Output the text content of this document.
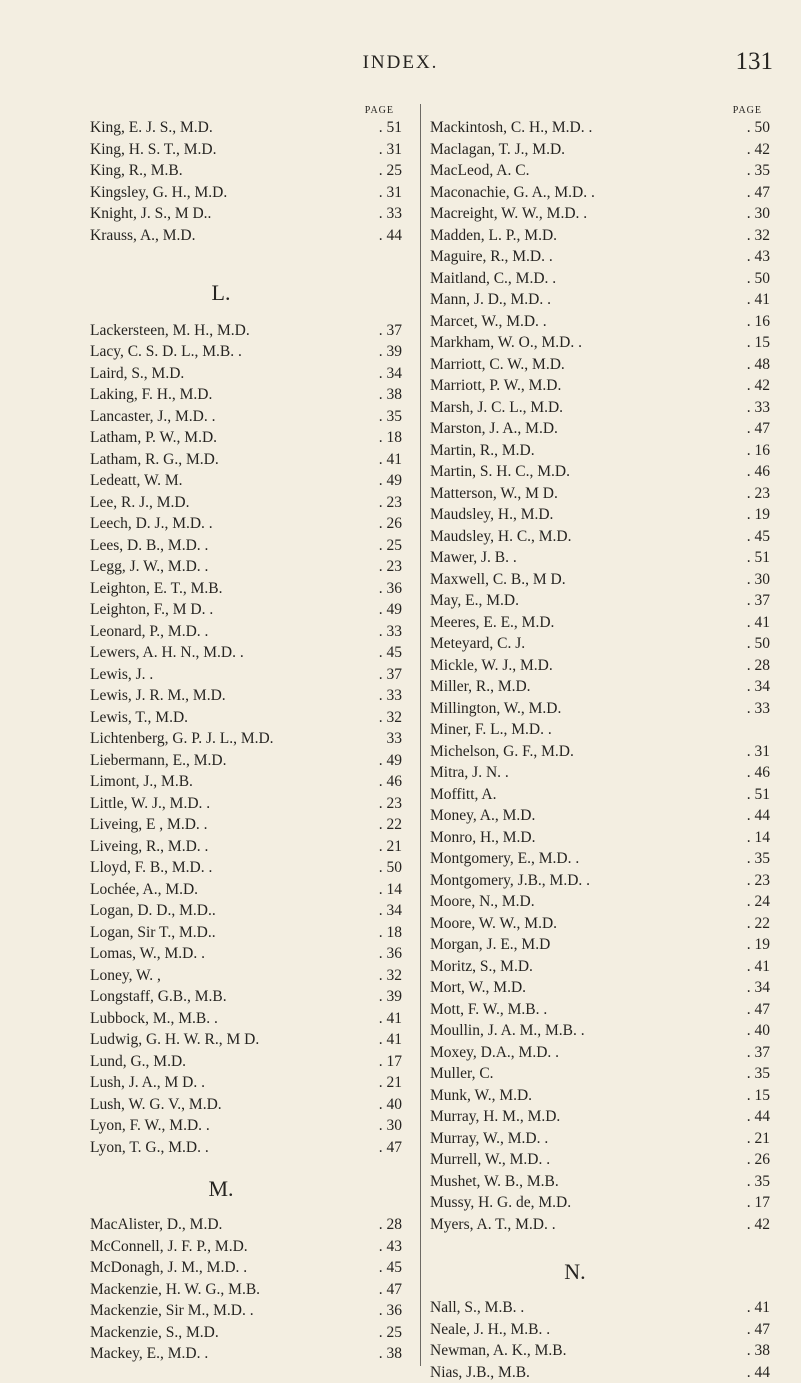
INDEX.	131
PAGE
King, E. J. S., M.D.	. 51
King, H. S. T., M.D.	. 31
King, R., M.B.	. 25
Kingsley, G. H., M.D.	. 31
Knight, J. S., M D..	. 33
Krauss, A., M.D.	. 44
L.
Lackersteen, M. H., M.D.	. 37
Lacy, C. S. D. L., M.B. .	. 39
Laird, S., M.D.	. 34
Laking, F. H., M.D.	. 38
Lancaster, J., M.D. .	. 35
Latham, P. W., M.D.	. 18
Latham, R. G., M.D.	. 41
Ledeatt, W. M.	. 49
Lee, R. J., M.D.	. 23
Leech, D. J., M.D. .	. 26
Lees, D. B., M.D. .	. 25
Legg, J. W., M.D. .	. 23
Leighton, E. T., M.B.	. 36
Leighton, F., M D. .	. 49
Leonard, P., M.D. .	. 33
Lewers, A. H. N., M.D. .	. 45
Lewis, J. .	. 37
Lewis, J. R. M., M.D.	. 33
Lewis, T., M.D.	. 32
Lichtenberg, G. P. J. L., M.D.	33
Liebermann, E., M.D.	. 49
Limont, J., M.B.	. 46
Little, W. J., M.D. .	. 23
Liveing, E , M.D. .	. 22
Liveing, R., M.D. .	. 21
Lloyd, F. B., M.D. .	. 50
Lochée, A., M.D.	. 14
Logan, D. D., M.D..	. 34
Logan, Sir T., M.D..	. 18
Lomas, W., M.D. .	. 36
Loney, W. ,	. 32
Longstaff, G.B., M.B.	. 39
Lubbock, M., M.B. .	. 41
Ludwig, G. H. W. R., M D.	. 41
Lund, G., M.D.	. 17
Lush, J. A., M D. .	. 21
Lush, W. G. V., M.D.	. 40
Lyon, F. W., M.D. .	. 30
Lyon, T. G., M.D. .	. 47
M.
MacAlister, D., M.D.	. 28
McConnell, J. F. P., M.D.	. 43
McDonagh, J. M., M.D. .	. 45
Mackenzie, H. W. G., M.B.	. 47
Mackenzie, Sir M., M.D. .	. 36
Mackenzie, S., M.D.	. 25
Mackey, E., M.D. .	. 38
PAGE
Mackintosh, C. H., M.D. .	. 50
Maclagan, T. J., M.D.	. 42
MacLeod, A. C.	. 35
Maconachie, G. A., M.D. .	. 47
Macreight, W. W., M.D. .	. 30
Madden, L. P., M.D.	. 32
Maguire, R., M.D. .	. 43
Maitland, C., M.D. .	. 50
Mann, J. D., M.D. .	. 41
Marcet, W., M.D. .	. 16
Markham, W. O., M.D. .	. 15
Marriott, C. W., M.D.	. 48
Marriott, P. W., M.D.	. 42
Marsh, J. C. L., M.D.	. 33
Marston, J. A., M.D.	. 47
Martin, R., M.D.	. 16
Martin, S. H. C., M.D.	. 46
Matterson, W., M D.	. 23
Maudsley, H., M.D.	. 19
Maudsley, H. C., M.D.	. 45
Mawer, J. B. .	. 51
Maxwell, C. B., M D.	. 30
May, E., M.D.	. 37
Meeres, E. E., M.D.	. 41
Meteyard, C. J.	. 50
Mickle, W. J., M.D.	. 28
Miller, R., M.D.	. 34
Millington, W., M.D.	. 33
Miner, F. L., M.D. .
Michelson, G. F., M.D.	. 31
Mitra, J. N. .	. 46
Moffitt, A.	. 51
Money, A., M.D.	. 44
Monro, H., M.D.	. 14
Montgomery, E., M.D. .	. 35
Montgomery, J.B., M.D. .	. 23
Moore, N., M.D.	. 24
Moore, W. W., M.D.	. 22
Morgan, J. E., M.D	. 19
Moritz, S., M.D.	. 41
Mort, W., M.D.	. 34
Mott, F. W., M.B. .	. 47
Moullin, J. A. M., M.B. .	. 40
Moxey, D.A., M.D. .	. 37
Muller, C.	. 35
Munk, W., M.D.	. 15
Murray, H. M., M.D.	. 44
Murray, W., M.D. .	. 21
Murrell, W., M.D. .	. 26
Mushet, W. B., M.B.	. 35
Mussy, H. G. de, M.D.	. 17
Myers, A. T., M.D. .	. 42
N.
Nall, S., M.B. .	. 41
Neale, J. H., M.B. .	. 47
Newman, A. K., M.B.	. 38
Nias, J.B., M.B.	. 44
